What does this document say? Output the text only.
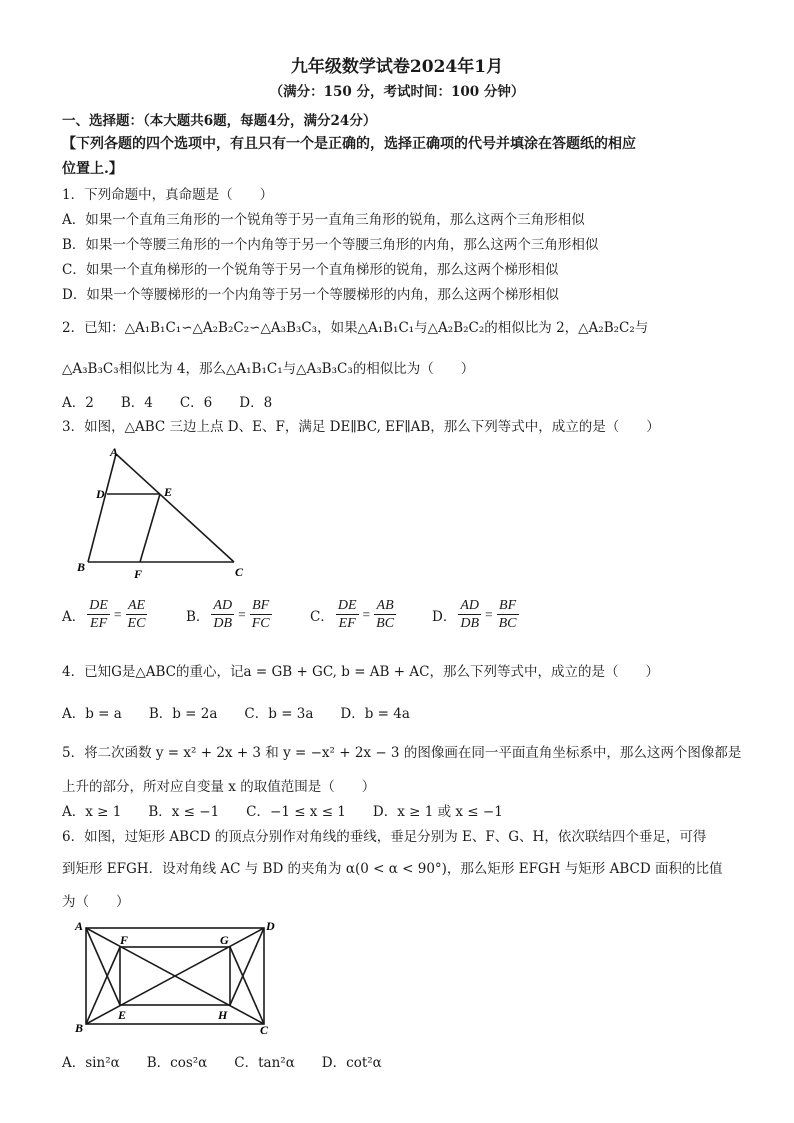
九年级数学试卷2024年1月
（满分：150 分，考试时间：100 分钟）
一、选择题：（本大题共6题，每题4分，满分24分）
【下列各题的四个选项中，有且只有一个是正确的，选择正确项的代号并填涂在答题纸的相应
位置上.】
1．下列命题中，真命题是（　　）
A．如果一个直角三角形的一个锐角等于另一直角三角形的锐角，那么这两个三角形相似
B．如果一个等腰三角形的一个内角等于另一个等腰三角形的内角，那么这两个三角形相似
C．如果一个直角梯形的一个锐角等于另一个直角梯形的锐角，那么这两个梯形相似
D．如果一个等腰梯形的一个内角等于另一个等腰梯形的内角，那么这两个梯形相似
2．已知：△A₁B₁C₁∽△A₂B₂C₂∽△A₃B₃C₃，如果△A₁B₁C₁与△A₂B₂C₂的相似比为 2，△A₂B₂C₂与
△A₃B₃C₃相似比为 4，那么△A₁B₁C₁与△A₃B₃C₃的相似比为（　　）
A．2　　B．4　　C．6　　D．8
3．如图，△ABC 三边上点 D、E、F，满足 DE∥BC, EF∥AB，那么下列等式中，成立的是（　　）
A
D	E
B	F	C
A． $\frac{DE}{EF} = \frac{AE}{EC}$	B． $\frac{AD}{DB} = \frac{BF}{FC}$	C． $\frac{DE}{EF} = \frac{AB}{BC}$	D． $\frac{AD}{DB} = \frac{BF}{BC}$
4．已知G是△ABC的重心，记a = GB + GC, b = AB + AC，那么下列等式中，成立的是（　　）
A．b = a　　B．b = 2a　　C．b = 3a　　D．b = 4a
5．将二次函数 y = x² + 2x + 3 和 y = −x² + 2x − 3 的图像画在同一平面直角坐标系中，那么这两个图像都是
上升的部分，所对应自变量 x 的取值范围是（　　）
A．x ≥ 1　　B．x ≤ −1　　C．−1 ≤ x ≤ 1　　D．x ≥ 1 或 x ≤ −1
6．如图，过矩形 ABCD 的顶点分别作对角线的垂线，垂足分别为 E、F、G、H，依次联结四个垂足，可得
到矩形 EFGH．设对角线 AC 与 BD 的夹角为 α(0 < α < 90°)，那么矩形 EFGH 与矩形 ABCD 面积的比值
为（　　）
A
F	G
D
B
E	H
C
A．sin²α　　B．cos²α　　C．tan²α　　D．cot²α
